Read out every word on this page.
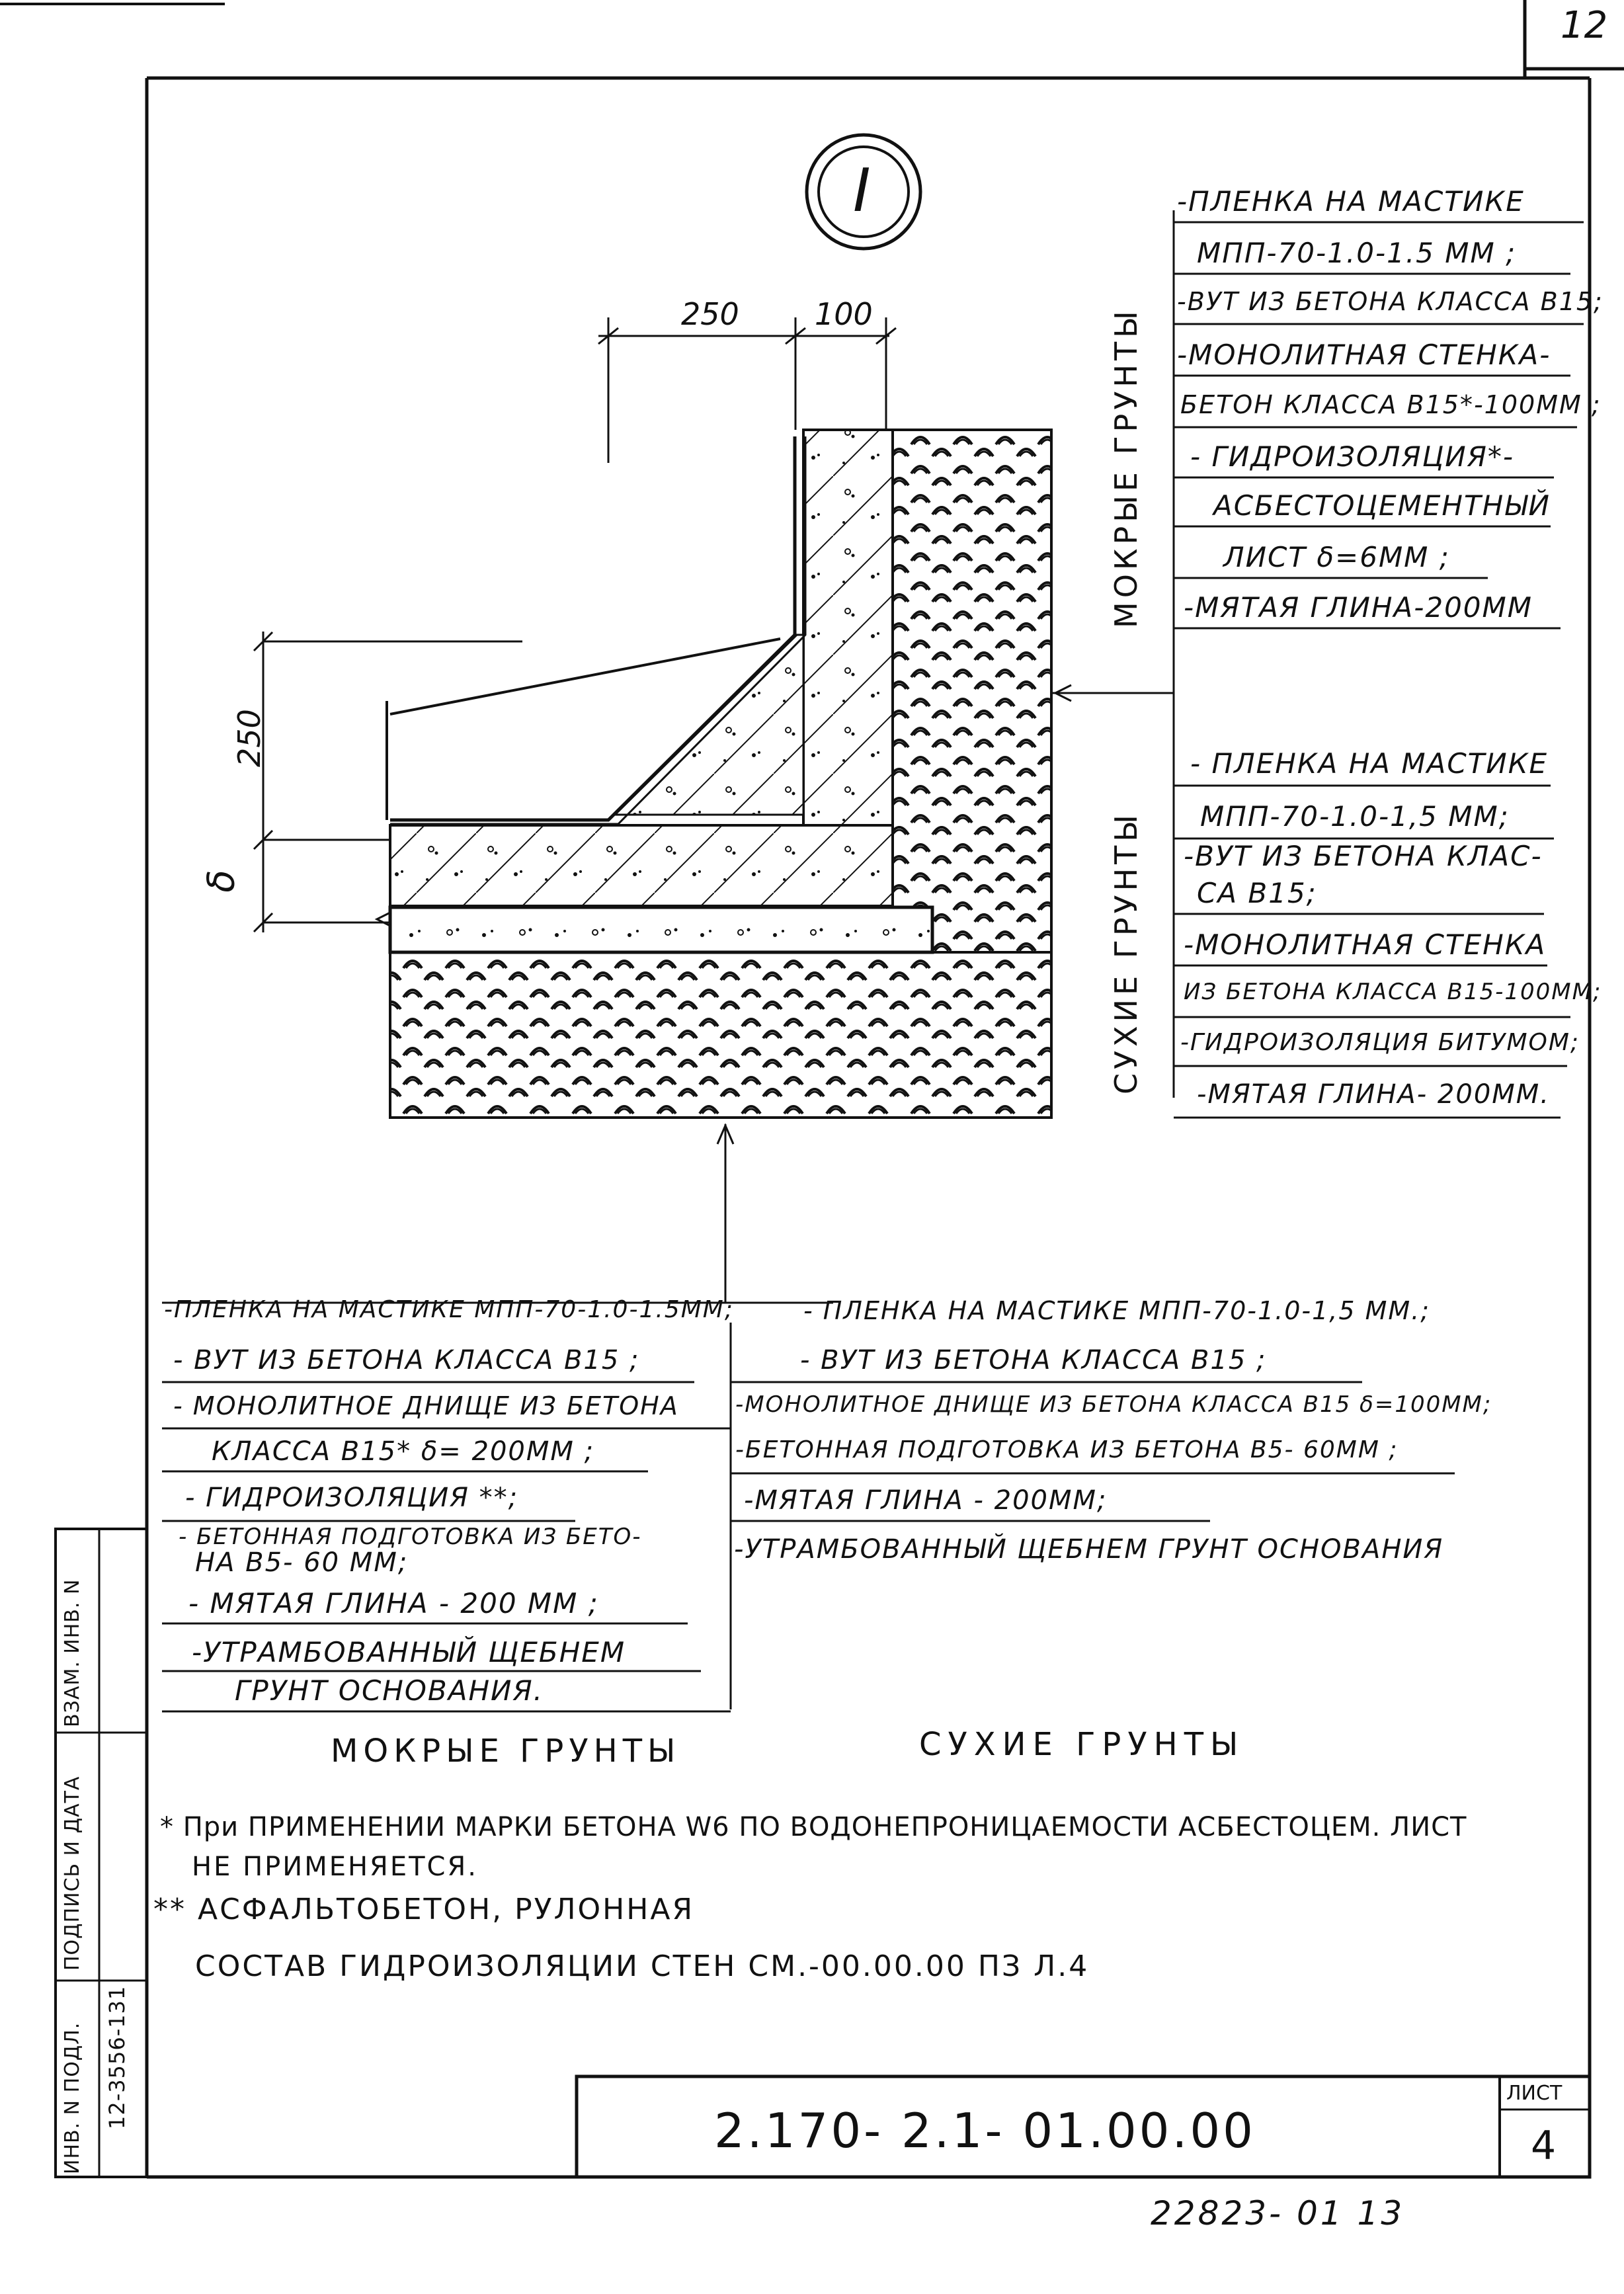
12
I
250 100
250
δ
МОКРЫЕ ГРУНТЫ
СУХИЕ ГРУНТЫ
-ПЛЕНКА НА МАСТИКЕ
МПП-70-1.0-1.5 ММ ;
-ВУТ ИЗ БЕТОНА КЛАССА В15;
-МОНОЛИТНАЯ СТЕНКА-
БЕТОН КЛАССА В15*-100ММ ;
- ГИДРОИЗОЛЯЦИЯ*-
АСБЕСТОЦЕМЕНТНЫЙ
ЛИСТ δ=6ММ ;
-МЯТАЯ ГЛИНА-200ММ
- ПЛЕНКА НА МАСТИКЕ
МПП-70-1.0-1,5 ММ;
-ВУТ ИЗ БЕТОНА КЛАС-
СА В15;
-МОНОЛИТНАЯ СТЕНКА
ИЗ БЕТОНА КЛАССА В15-100ММ;
-ГИДРОИЗОЛЯЦИЯ БИТУМОМ;
-МЯТАЯ ГЛИНА- 200ММ.
-ПЛЕНКА НА МАСТИКЕ МПП-70-1.0-1.5ММ;
- ВУТ ИЗ БЕТОНА КЛАССА В15 ;
- МОНОЛИТНОЕ ДНИЩЕ ИЗ БЕТОНА
КЛАССА В15* δ= 200ММ ;
- ГИДРОИЗОЛЯЦИЯ **;
- БЕТОННАЯ ПОДГОТОВКА ИЗ БЕТО-
НА В5- 60 ММ;
- МЯТАЯ ГЛИНА - 200 ММ ;
-УТРАМБОВАННЫЙ ЩЕБНЕМ
ГРУНТ ОСНОВАНИЯ.
- ПЛЕНКА НА МАСТИКЕ МПП-70-1.0-1,5 ММ.;
- ВУТ ИЗ БЕТОНА КЛАССА В15 ;
-МОНОЛИТНОЕ ДНИЩЕ ИЗ БЕТОНА КЛАССА В15 δ=100ММ;
-БЕТОННАЯ ПОДГОТОВКА ИЗ БЕТОНА В5- 60ММ ;
-МЯТАЯ ГЛИНА - 200ММ;
-УТРАМБОВАННЫЙ ЩЕБНЕМ ГРУНТ ОСНОВАНИЯ
МОКРЫЕ ГРУНТЫ	СУХИЕ ГРУНТЫ
* При ПРИМЕНЕНИИ МАРКИ БЕТОНА W6 ПО ВОДОНЕПРОНИЦАЕМОСТИ АСБЕСТОЦЕМ. ЛИСТ
НЕ ПРИМЕНЯЕТСЯ.
** АСФАЛЬТОБЕТОН, РУЛОННАЯ
СОСТАВ ГИДРОИЗОЛЯЦИИ СТЕН СМ.-00.00.00 ПЗ Л.4
ВЗАМ. ИНВ. N
ПОДПИСЬ И ДАТА
ИНВ. N ПОДЛ. 12-3556-131
2.170- 2.1- 01.00.00
ЛИСТ
4
22823- 01 13
